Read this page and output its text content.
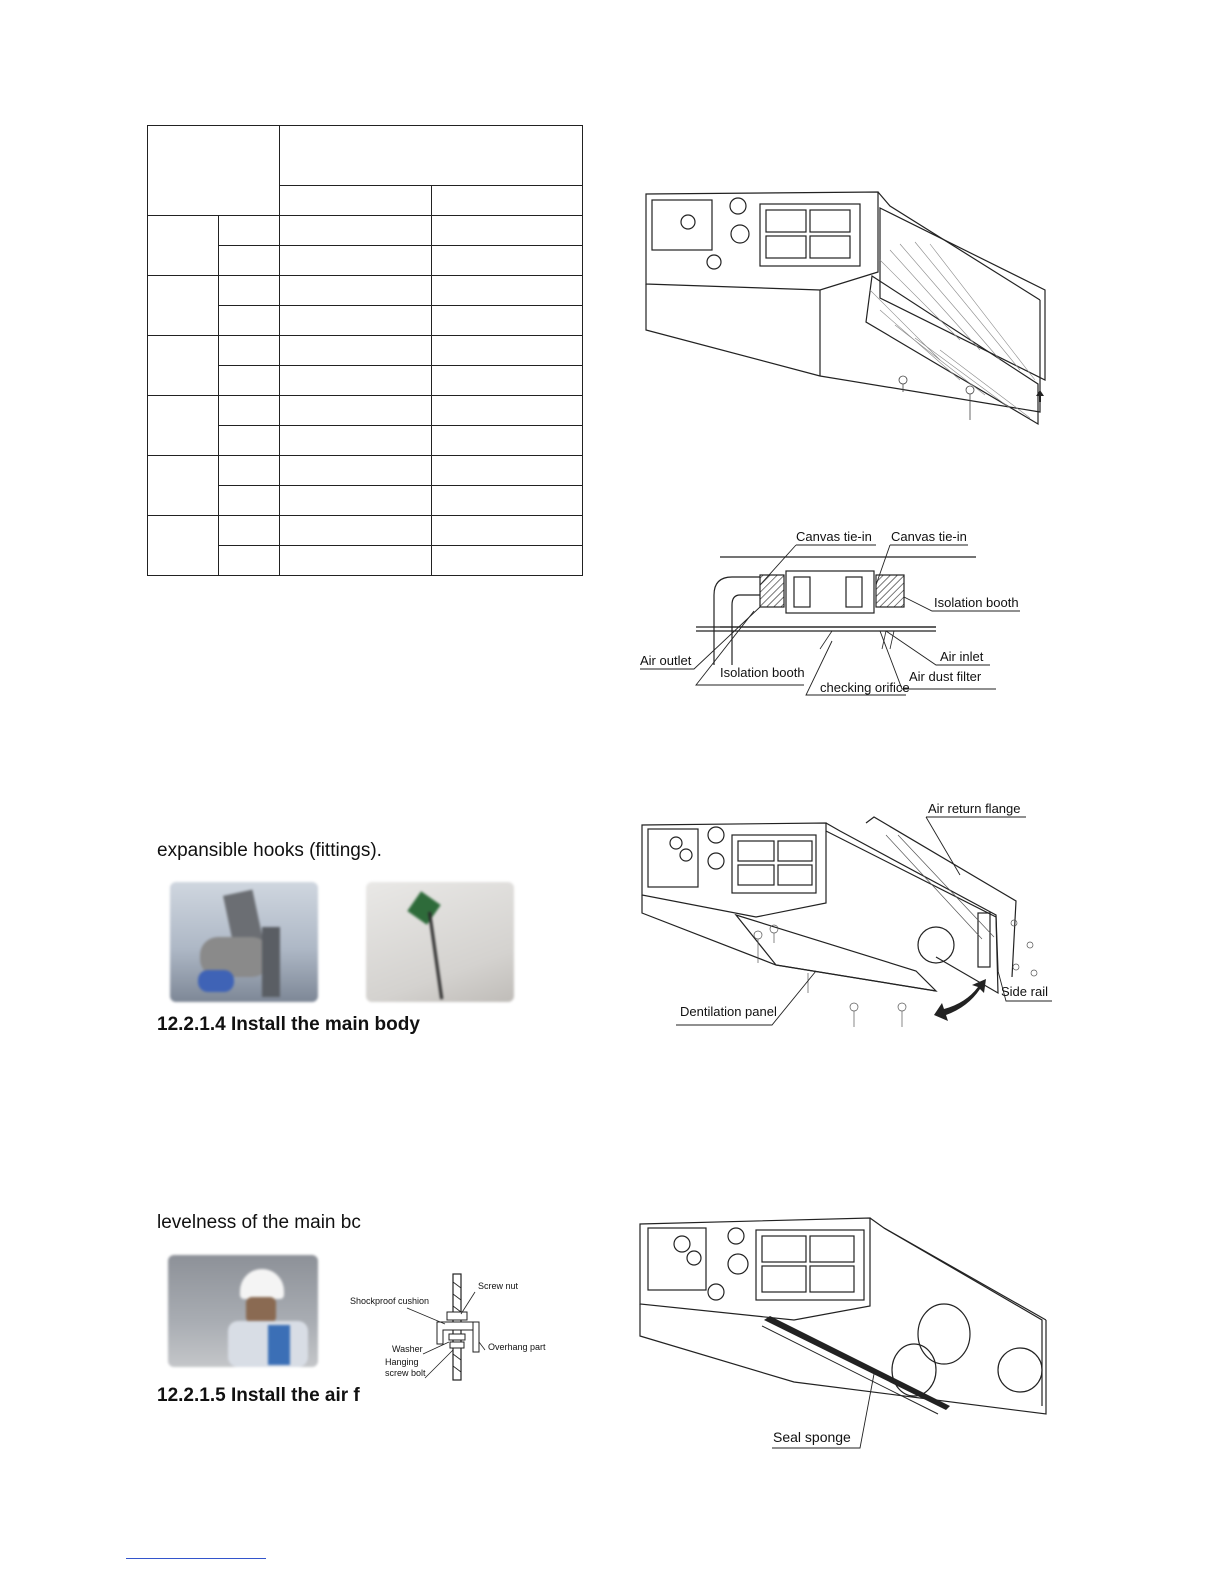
expansible hooks (fittings).
12.2.1.4 Install the main body
levelness of the main bc
Shockproof cushion
Screw nut
Washer
Hanging
screw bolt
Overhang part
12.2.1.5 Install the air f
Canvas tie-in Canvas tie-in
Isolation booth
Air outlet	Air inlet
Isolation booth	Air dust filter
checking orifice
Air return flange
Side rail
Dentilation panel
Seal sponge
